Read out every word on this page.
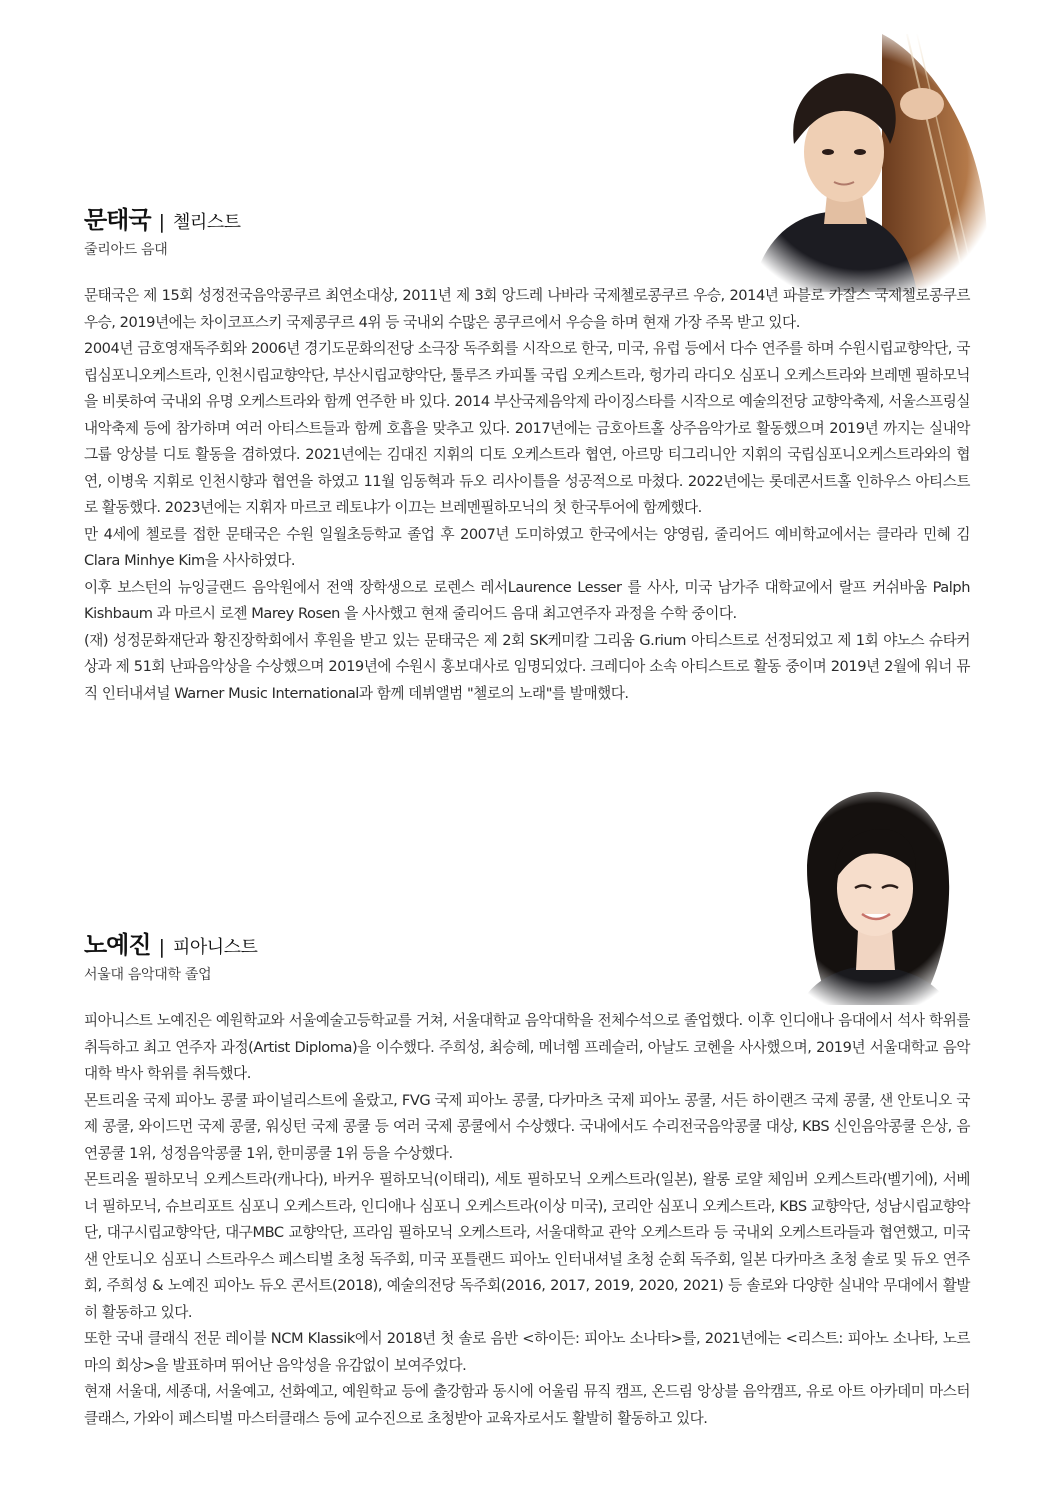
문태국 | 첼리스트
줄리아드 음대

문태국은 제 15회 성정전국음악콩쿠르 최연소대상, 2011년 제 3회 앙드레 나바라 국제첼로콩쿠르 우승, 2014년 파블로 카잘스 국제첼로콩쿠르 우승, 2019년에는 차이코프스키 국제콩쿠르 4위 등 국내외 수많은 콩쿠르에서 우승을 하며 현재 가장 주목 받고 있다.

2004년 금호영재독주회와 2006년 경기도문화의전당 소극장 독주회를 시작으로 한국, 미국, 유럽 등에서 다수 연주를 하며 수원시립교향악단, 국립심포니오케스트라, 인천시립교향악단, 부산시립교향악단, 툴루즈 카피톨 국립 오케스트라, 헝가리 라디오 심포니 오케스트라와 브레멘 필하모닉을 비롯하여 국내외 유명 오케스트라와 함께 연주한 바 있다. 2014 부산국제음악제 라이징스타를 시작으로 예술의전당 교향악축제, 서울스프링실내악축제 등에 참가하며 여러 아티스트들과 함께 호흡을 맞추고 있다. 2017년에는 금호아트홀 상주음악가로 활동했으며 2019년 까지는 실내악 그룹 앙상블 디토 활동을 겸하였다. 2021년에는 김대진 지휘의 디토 오케스트라 협연, 아르망 티그리니안 지휘의 국립심포니오케스트라와의 협연, 이병욱 지휘로 인천시향과 협연을 하였고 11월 임동혁과 듀오 리사이틀을 성공적으로 마쳤다. 2022년에는 롯데콘서트홀 인하우스 아티스트로 활동했다. 2023년에는 지휘자 마르코 레토냐가 이끄는 브레멘필하모닉의 첫 한국투어에 함께했다.

만 4세에 첼로를 접한 문태국은 수원 일월초등학교 졸업 후 2007년 도미하였고 한국에서는 양영림, 줄리어드 예비학교에서는 클라라 민혜 김Clara Minhye Kim을 사사하였다.

이후 보스턴의 뉴잉글랜드 음악원에서 전액 장학생으로 로렌스 레서Laurence Lesser 를 사사, 미국 남가주 대학교에서 랄프 커쉬바움 Palph Kishbaum 과 마르시 로젠 Marey Rosen 을 사사했고 현재 줄리어드 음대 최고연주자 과정을 수학 중이다.

(재) 성정문화재단과 황진장학회에서 후원을 받고 있는 문태국은 제 2회 SK케미칼 그리움 G.rium 아티스트로 선정되었고 제 1회 야노스 슈타커 상과 제 51회 난파음악상을 수상했으며 2019년에 수원시 홍보대사로 임명되었다. 크레디아 소속 아티스트로 활동 중이며 2019년 2월에 워너 뮤직 인터내셔널 Warner Music International과 함께 데뷔앨범 "첼로의 노래"를 발매했다.

노예진 | 피아니스트
서울대 음악대학 졸업

피아니스트 노예진은 예원학교와 서울예술고등학교를 거쳐, 서울대학교 음악대학을 전체수석으로 졸업했다. 이후 인디애나 음대에서 석사 학위를 취득하고 최고 연주자 과정(Artist Diploma)을 이수했다. 주희성, 최승헤, 메너헴 프레슬러, 아날도 코헨을 사사했으며, 2019년 서울대학교 음악대학 박사 학위를 취득했다.

몬트리올 국제 피아노 콩쿨 파이널리스트에 올랐고, FVG 국제 피아노 콩쿨, 다카마츠 국제 피아노 콩쿨, 서든 하이랜즈 국제 콩쿨, 샌 안토니오 국제 콩쿨, 와이드먼 국제 콩쿨, 워싱턴 국제 콩쿨 등 여러 국제 콩쿨에서 수상했다. 국내에서도 수리전국음악콩쿨 대상, KBS 신인음악콩쿨 은상, 음연콩쿨 1위, 성정음악콩쿨 1위, 한미콩쿨 1위 등을 수상했다.

몬트리올 필하모닉 오케스트라(캐나다), 바커우 필하모닉(이태리), 세토 필하모닉 오케스트라(일본), 왈롱 로얄 체임버 오케스트라(벨기에), 서베너 필하모닉, 슈브리포트 심포니 오케스트라, 인디애나 심포니 오케스트라(이상 미국), 코리안 심포니 오케스트라, KBS 교향악단, 성남시립교향악단, 대구시립교향악단, 대구MBC 교향악단, 프라임 필하모닉 오케스트라, 서울대학교 관악 오케스트라 등 국내외 오케스트라들과 협연했고, 미국 샌 안토니오 심포니 스트라우스 페스티벌 초청 독주회, 미국 포틀랜드 피아노 인터내셔널 초청 순회 독주회, 일본 다카마츠 초청 솔로 및 듀오 연주회, 주희성 & 노예진 피아노 듀오 콘서트(2018), 예술의전당 독주회(2016, 2017, 2019, 2020, 2021) 등 솔로와 다양한 실내악 무대에서 활발히 활동하고 있다.

또한 국내 클래식 전문 레이블 NCM Klassik에서 2018년 첫 솔로 음반 <하이든: 피아노 소나타>를, 2021년에는 <리스트: 피아노 소나타, 노르마의 회상>을 발표하며 뛰어난 음악성을 유감없이 보여주었다.

현재 서울대, 세종대, 서울예고, 선화예고, 예원학교 등에 출강함과 동시에 어울림 뮤직 캠프, 온드림 앙상블 음악캠프, 유로 아트 아카데미 마스터클래스, 가와이 페스티벌 마스터클래스 등에 교수진으로 초청받아 교육자로서도 활발히 활동하고 있다.
